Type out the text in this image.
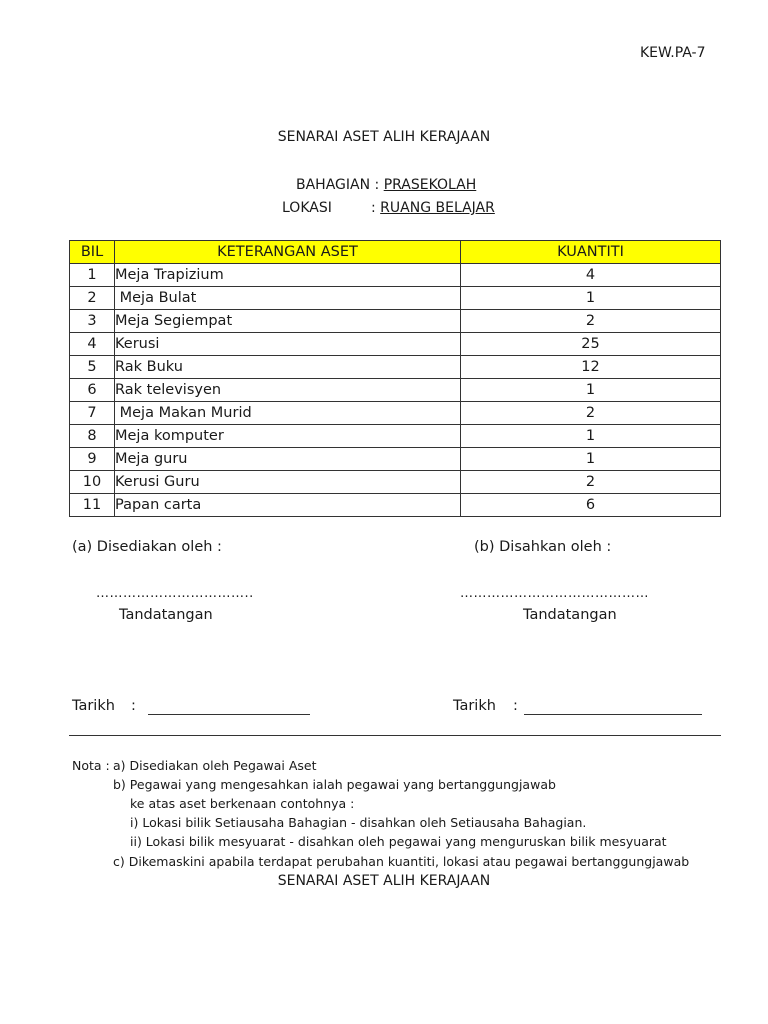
KEW.PA-7
SENARAI ASET ALIH KERAJAAN
BAHAGIAN : PRASEKOLAH
LOKASI	: RUANG BELAJAR
BIL	KETERANGAN ASET	KUANTITI
1	Meja Trapizium	4
2	Meja Bulat	1
3	Meja Segiempat	2
4	Kerusi	25
5	Rak Buku	12
6	Rak televisyen	1
7	Meja Makan Murid	2
8	Meja komputer	1
9	Meja guru	1
10	Kerusi Guru	2
11	Papan carta	6
(a) Disediakan oleh :	(b) Disahkan oleh :
……………………………..	……………………………………
Tandatangan	Tandatangan
Tarikh :	Tarikh :
Nota : a) Disediakan oleh Pegawai Aset
b) Pegawai yang mengesahkan ialah pegawai yang bertanggungjawab
ke atas aset berkenaan contohnya :
i) Lokasi bilik Setiausaha Bahagian - disahkan oleh Setiausaha Bahagian.
ii) Lokasi bilik mesyuarat - disahkan oleh pegawai yang menguruskan bilik mesyuarat
c) Dikemaskini apabila terdapat perubahan kuantiti, lokasi atau pegawai bertanggungjawab
SENARAI ASET ALIH KERAJAAN
